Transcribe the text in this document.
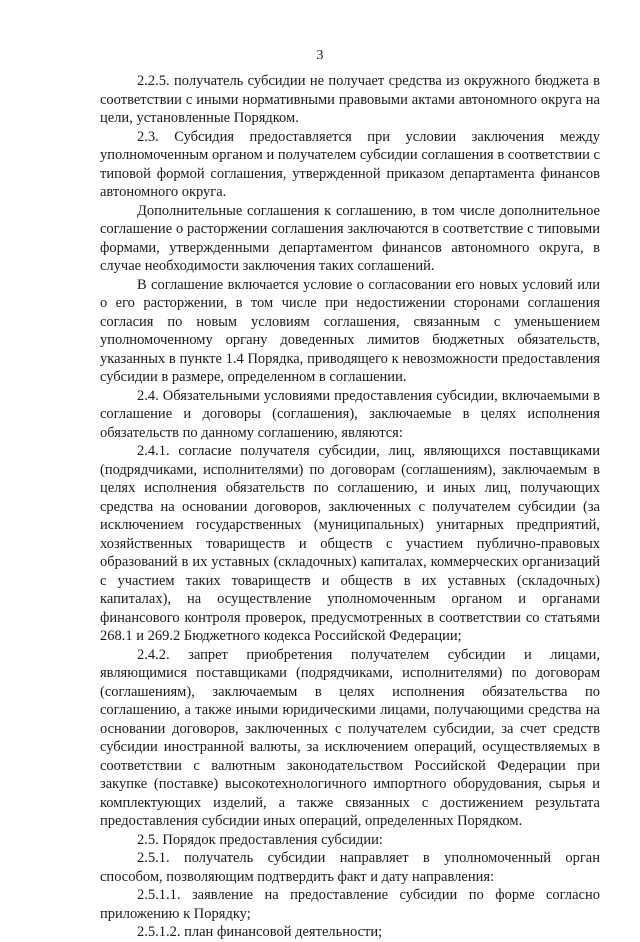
3

2.2.5. получатель субсидии не получает средства из окружного бюджета в соответствии с иными нормативными правовыми актами автономного округа на цели, установленные Порядком.

2.3. Субсидия предоставляется при условии заключения между уполномоченным органом и получателем субсидии соглашения в соответствии с типовой формой соглашения, утвержденной приказом департамента финансов автономного округа.

Дополнительные соглашения к соглашению, в том числе дополнительное соглашение о расторжении соглашения заключаются в соответствие с типовыми формами, утвержденными департаментом финансов автономного округа, в случае необходимости заключения таких соглашений.

В соглашение включается условие о согласовании его новых условий или о его расторжении, в том числе при недостижении сторонами соглашения согласия по новым условиям соглашения, связанным с уменьшением уполномоченному органу доведенных лимитов бюджетных обязательств, указанных в пункте 1.4 Порядка, приводящего к невозможности предоставления субсидии в размере, определенном в соглашении.

2.4. Обязательными условиями предоставления субсидии, включаемыми в соглашение и договоры (соглашения), заключаемые в целях исполнения обязательств по данному соглашению, являются:

2.4.1. согласие получателя субсидии, лиц, являющихся поставщиками (подрядчиками, исполнителями) по договорам (соглашениям), заключаемым в целях исполнения обязательств по соглашению, и иных лиц, получающих средства на основании договоров, заключенных с получателем субсидии (за исключением государственных (муниципальных) унитарных предприятий, хозяйственных товариществ и обществ с участием публично-правовых образований в их уставных (складочных) капиталах, коммерческих организаций с участием таких товариществ и обществ в их уставных (складочных) капиталах), на осуществление уполномоченным органом и органами финансового контроля проверок, предусмотренных в соответствии со статьями 268.1 и 269.2 Бюджетного кодекса Российской Федерации;

2.4.2. запрет приобретения получателем субсидии и лицами, являющимися поставщиками (подрядчиками, исполнителями) по договорам (соглашениям), заключаемым в целях исполнения обязательства по соглашению, а также иными юридическими лицами, получающими средства на основании договоров, заключенных с получателем субсидии, за счет средств субсидии иностранной валюты, за исключением операций, осуществляемых в соответствии с валютным законодательством Российской Федерации при закупке (поставке) высокотехнологичного импортного оборудования, сырья и комплектующих изделий, а также связанных с достижением результата предоставления субсидии иных операций, определенных Порядком.

2.5. Порядок предоставления субсидии:

2.5.1. получатель субсидии направляет в уполномоченный орган способом, позволяющим подтвердить факт и дату направления:

2.5.1.1. заявление на предоставление субсидии по форме согласно приложению к Порядку;

2.5.1.2. план финансовой деятельности;
